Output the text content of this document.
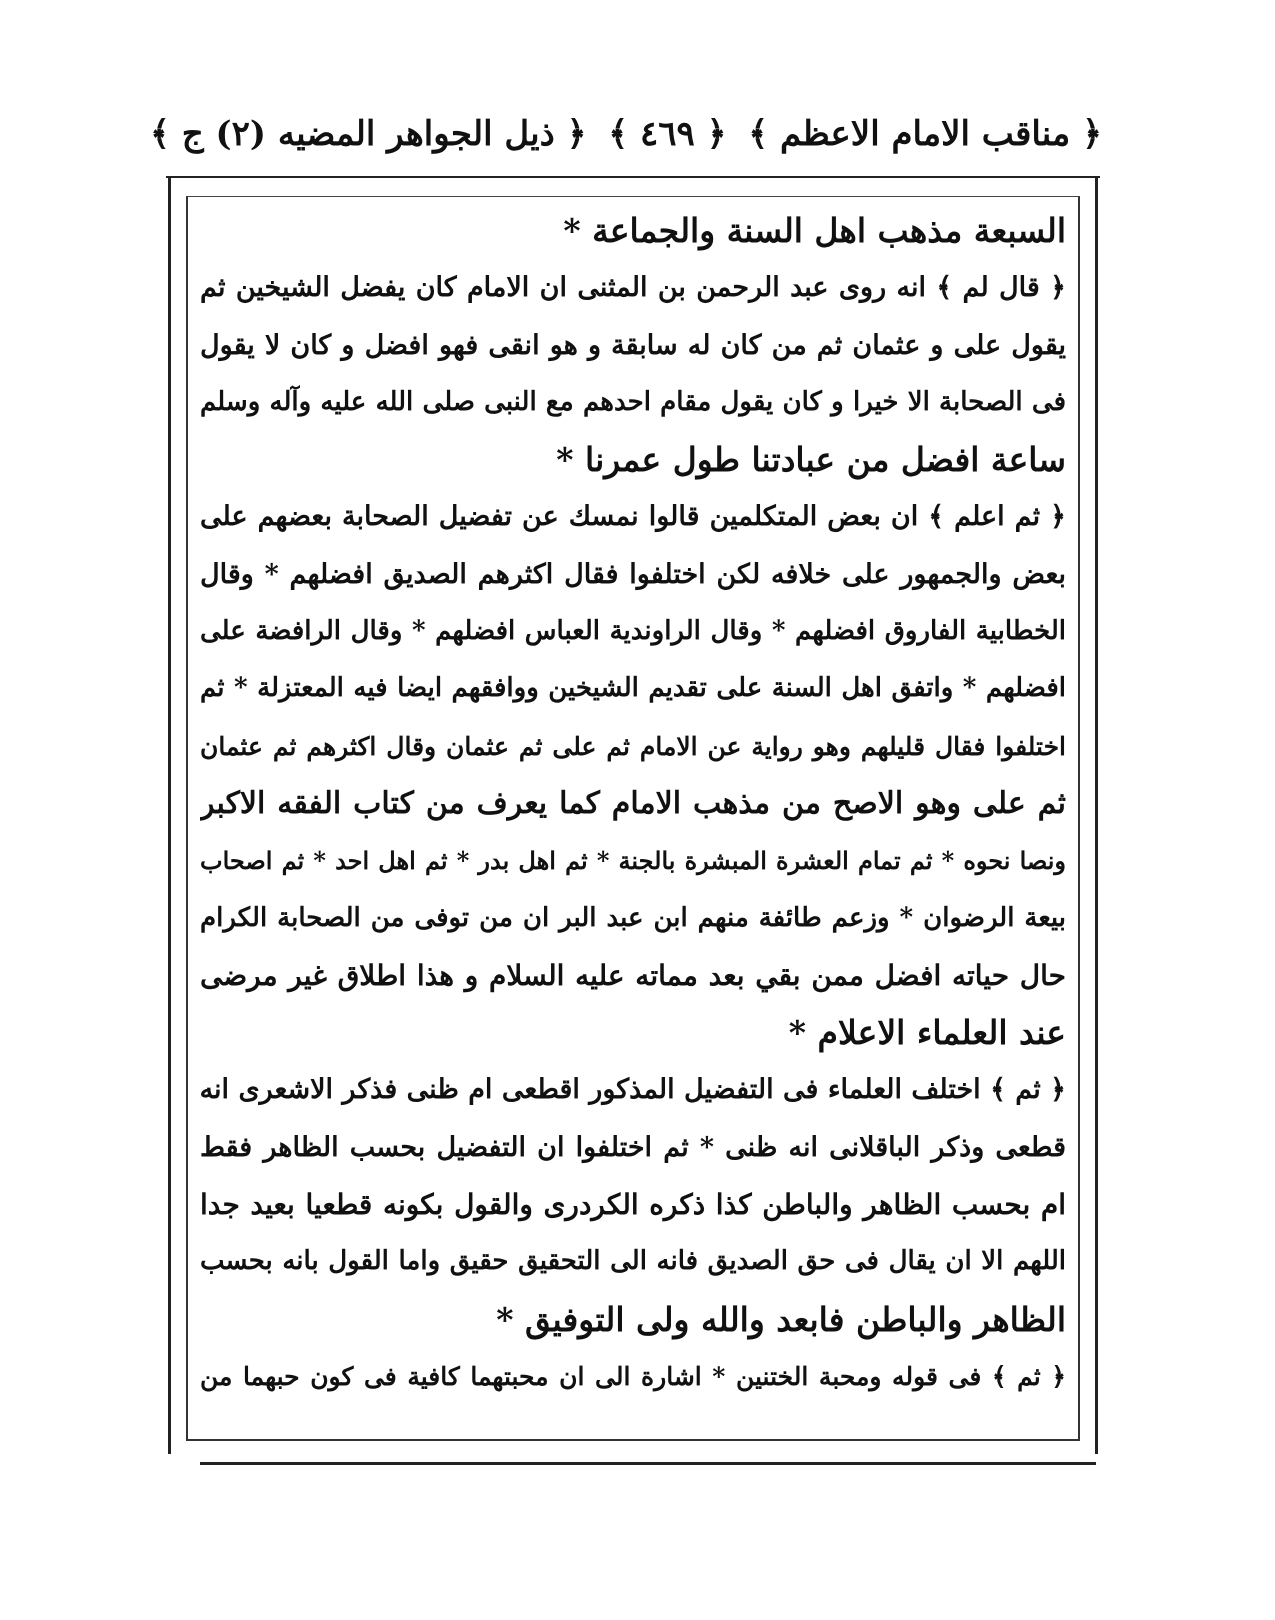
﴿ مناقب الامام الاعظم ﴾
﴿ ٤٦٩ ﴾
﴿ ذيل الجواهر المضيه (٢) ج ﴾
السبعة مذهب اهل السنة والجماعة *
﴿ قال لم ﴾ انه روى عبد الرحمن بن المثنى ان الامام كان يفضل الشيخين ثم
يقول على و عثمان ثم من كان له سابقة و هو انقى فهو افضل و كان لا يقول
فى الصحابة الا خيرا و كان يقول مقام احدهم مع النبى صلى الله عليه وآله وسلم
ساعة افضل من عبادتنا طول عمرنا *
﴿ ثم اعلم ﴾ ان بعض المتكلمين قالوا نمسك عن تفضيل الصحابة بعضهم على
بعض والجمهور على خلافه لكن اختلفوا فقال اكثرهم الصديق افضلهم * وقال
الخطابية الفاروق افضلهم * وقال الراوندية العباس افضلهم * وقال الرافضة على
افضلهم * واتفق اهل السنة على تقديم الشيخين ووافقهم ايضا فيه المعتزلة * ثم
اختلفوا فقال قليلهم وهو رواية عن الامام ثم على ثم عثمان وقال اكثرهم ثم عثمان
ثم على وهو الاصح من مذهب الامام كما يعرف من كتاب الفقه الاكبر
ونصا نحوه * ثم تمام العشرة المبشرة بالجنة * ثم اهل بدر * ثم اهل احد * ثم اصحاب
بيعة الرضوان * وزعم طائفة منهم ابن عبد البر ان من توفى من الصحابة الكرام
حال حياته افضل ممن بقي بعد مماته عليه السلام و هذا اطلاق غير مرضى
عند العلماء الاعلام *
﴿ ثم ﴾ اختلف العلماء فى التفضيل المذكور اقطعى ام ظنى فذكر الاشعرى انه
قطعى وذكر الباقلانى انه ظنى * ثم اختلفوا ان التفضيل بحسب الظاهر فقط
ام بحسب الظاهر والباطن كذا ذكره الكردرى والقول بكونه قطعيا بعيد جدا
اللهم الا ان يقال فى حق الصديق فانه الى التحقيق حقيق واما القول بانه بحسب
الظاهر والباطن فابعد والله ولى التوفيق *
﴿ ثم ﴾ فى قوله ومحبة الختنين * اشارة الى ان محبتهما كافية فى كون حبهما من
